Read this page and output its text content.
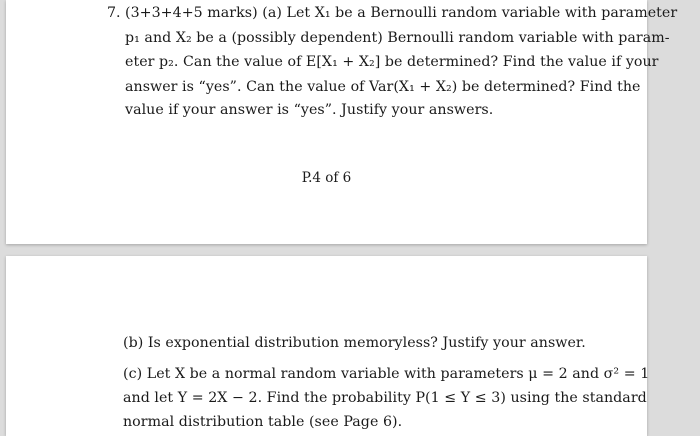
7. (3+3+4+5 marks) (a) Let X₁ be a Bernoulli random variable with parameter
p₁ and X₂ be a (possibly dependent) Bernoulli random variable with param-
eter p₂. Can the value of E[X₁ + X₂] be determined? Find the value if your
answer is “yes”. Can the value of Var(X₁ + X₂) be determined? Find the
value if your answer is “yes”. Justify your answers.
P.4 of 6
(b) Is exponential distribution memoryless? Justify your answer.
(c) Let X be a normal random variable with parameters μ = 2 and σ² = 1
and let Y = 2X − 2. Find the probability P(1 ≤ Y ≤ 3) using the standard
normal distribution table (see Page 6).
